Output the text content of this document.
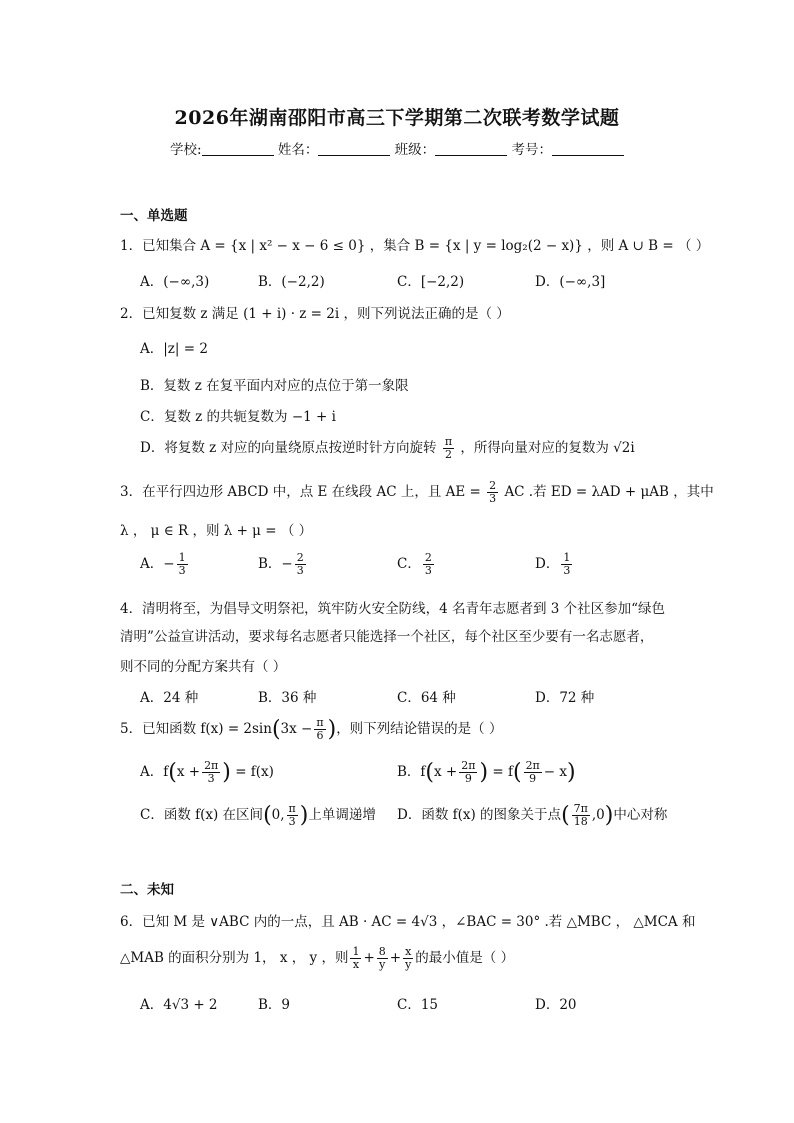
2026年湖南邵阳市高三下学期第二次联考数学试题
学校:	姓名：	班级：	考号：
一、单选题
1．已知集合 A = {x | x² − x − 6 ≤ 0} ，集合 B = {x | y = log₂(2 − x)} ，则 A ∪ B = （ ）
A．(−∞,3)	B．(−2,2)	C．[−2,2)	D．(−∞,3]
2．已知复数 z 满足 (1 + i) · z = 2i ，则下列说法正确的是（ ）
A．|z| = 2
B．复数 z 在复平面内对应的点位于第一象限
C．复数 z 的共轭复数为 −1 + i
D．将复数 z 对应的向量绕原点按逆时针方向旋转 $\frac{\pi}{2}$ ，所得向量对应的复数为 √2i
3．在平行四边形 ABCD 中，点 E 在线段 AC 上，且 AE = $\frac{2}{3}$ AC .若 ED = λAD + μAB ，其中
λ ， μ ∈ R ，则 λ + μ = （ ）
A．− $\frac{1}{3}$	B．− $\frac{2}{3}$	C． $\frac{2}{3}$	D． $\frac{1}{3}$
4．清明将至，为倡导文明祭祀，筑牢防火安全防线，4 名青年志愿者到 3 个社区参加“绿色
清明”公益宣讲活动，要求每名志愿者只能选择一个社区，每个社区至少要有一名志愿者，
则不同的分配方案共有（ ）
A．24 种	B．36 种	C．64 种	D．72 种
5．已知函数 $f(x) = 2\sin(3x - \frac{\pi}{6}$ )，则下列结论错误的是（ ）
A．$f(x + \frac{2\pi}{3}$ ) = f(x)	B．$f(x + \frac{2\pi}{9}$ ) = $f( \frac{2\pi}{9} - x)$
C．函数 f(x) 在区间(0, $\frac{\pi}{3}$ )上单调递增 D．函数 f(x) 的图象关于点( $\frac{7\pi}{18} ,0$)中心对称
二、未知
6．已知 M 是 ∨ABC 内的一点，且 AB · AC = 4√3 ，∠BAC = 30° .若 △MBC ， △MCA 和
△MAB 的面积分别为 1， x ， y ，则 $\frac{1}{x} + \frac{8}{y} + \frac{x}{y}$ 的最小值是（ ）
A．4√3 + 2	B．9	C．15	D．20
